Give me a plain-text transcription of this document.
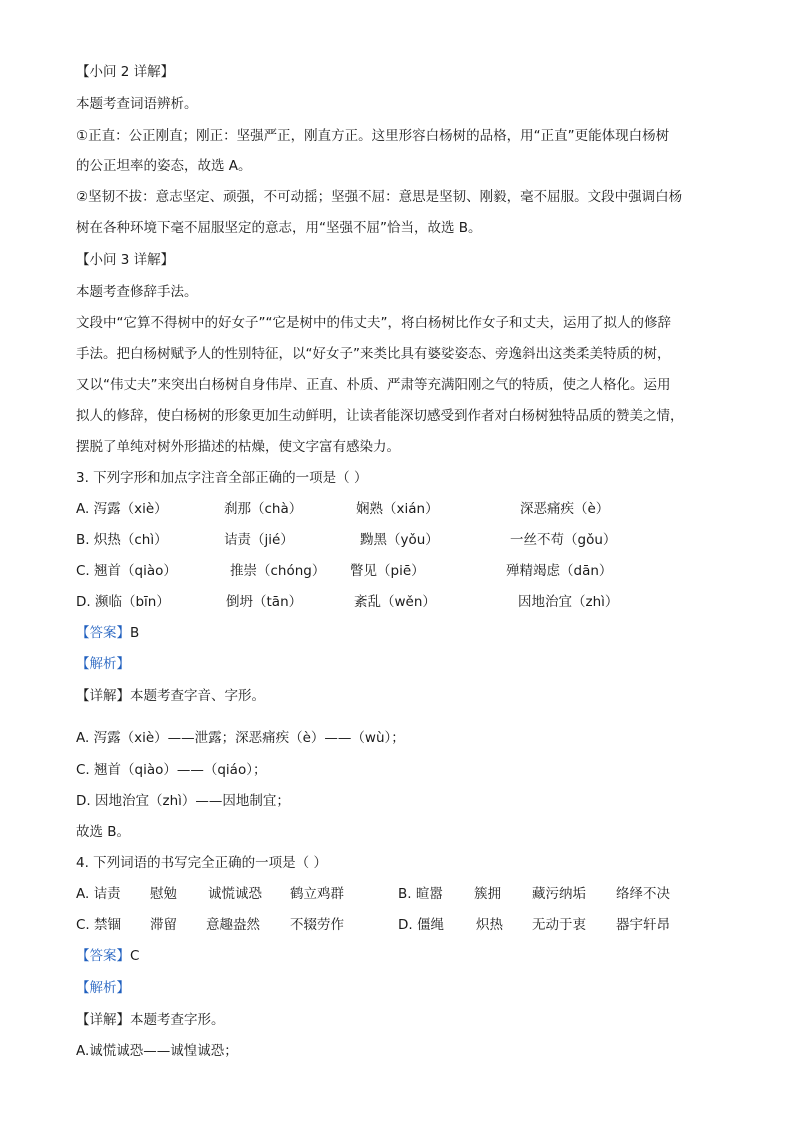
【小问 2 详解】
本题考查词语辨析。
①正直：公正刚直；刚正：坚强严正，刚直方正。这里形容白杨树的品格，用“正直”更能体现白杨树
的公正坦率的姿态，故选 A。
②坚韧不拔：意志坚定、顽强，不可动摇；坚强不屈：意思是坚韧、刚毅，毫不屈服。文段中强调白杨
树在各种环境下毫不屈服坚定的意志，用“坚强不屈”恰当，故选 B。
【小问 3 详解】
本题考查修辞手法。
文段中“它算不得树中的好女子”“它是树中的伟丈夫”，将白杨树比作女子和丈夫，运用了拟人的修辞
手法。把白杨树赋予人的性别特征，以“好女子”来类比具有婆娑姿态、旁逸斜出这类柔美特质的树，
又以“伟丈夫”来突出白杨树自身伟岸、正直、朴质、严肃等充满阳刚之气的特质，使之人格化。运用
拟人的修辞，使白杨树的形象更加生动鲜明，让读者能深切感受到作者对白杨树独特品质的赞美之情，
摆脱了单纯对树外形描述的枯燥，使文字富有感染力。
3. 下列字形和加点字注音全部正确的一项是（ ）
A. 泻露（xiè）	刹那（chà）	娴熟（xián）	深恶痛疾（è）
B. 炽热（chì）	诘责（jié）	黝黑（yǒu）	一丝不苟（gǒu）
C. 翘首（qiào）	推崇（chóng） 瞥见（piē）	殚精竭虑（dān）
D. 濒临（bīn）	倒坍（tān）	紊乱（wěn）	因地治宜（zhì）
【答案】B
【解析】
【详解】本题考查字音、字形。
A. 泻露（xiè）——泄露；深恶痛疾（è）——（wù）；
C. 翘首（qiào）——（qiáo）；
D. 因地治宜（zhì）——因地制宜；
故选 B。
4. 下列词语的书写完全正确的一项是（ ）
A. 诘责 慰勉 诚慌诚恐 鹤立鸡群	B. 暄嚣 簇拥 藏污纳垢 络绎不决
C. 禁锢 滞留 意趣盎然 不辍劳作	D. 僵绳 炽热 无动于衷 器宇轩昂
【答案】C
【解析】
【详解】本题考查字形。
A.诚慌诚恐——诚惶诚恐；
